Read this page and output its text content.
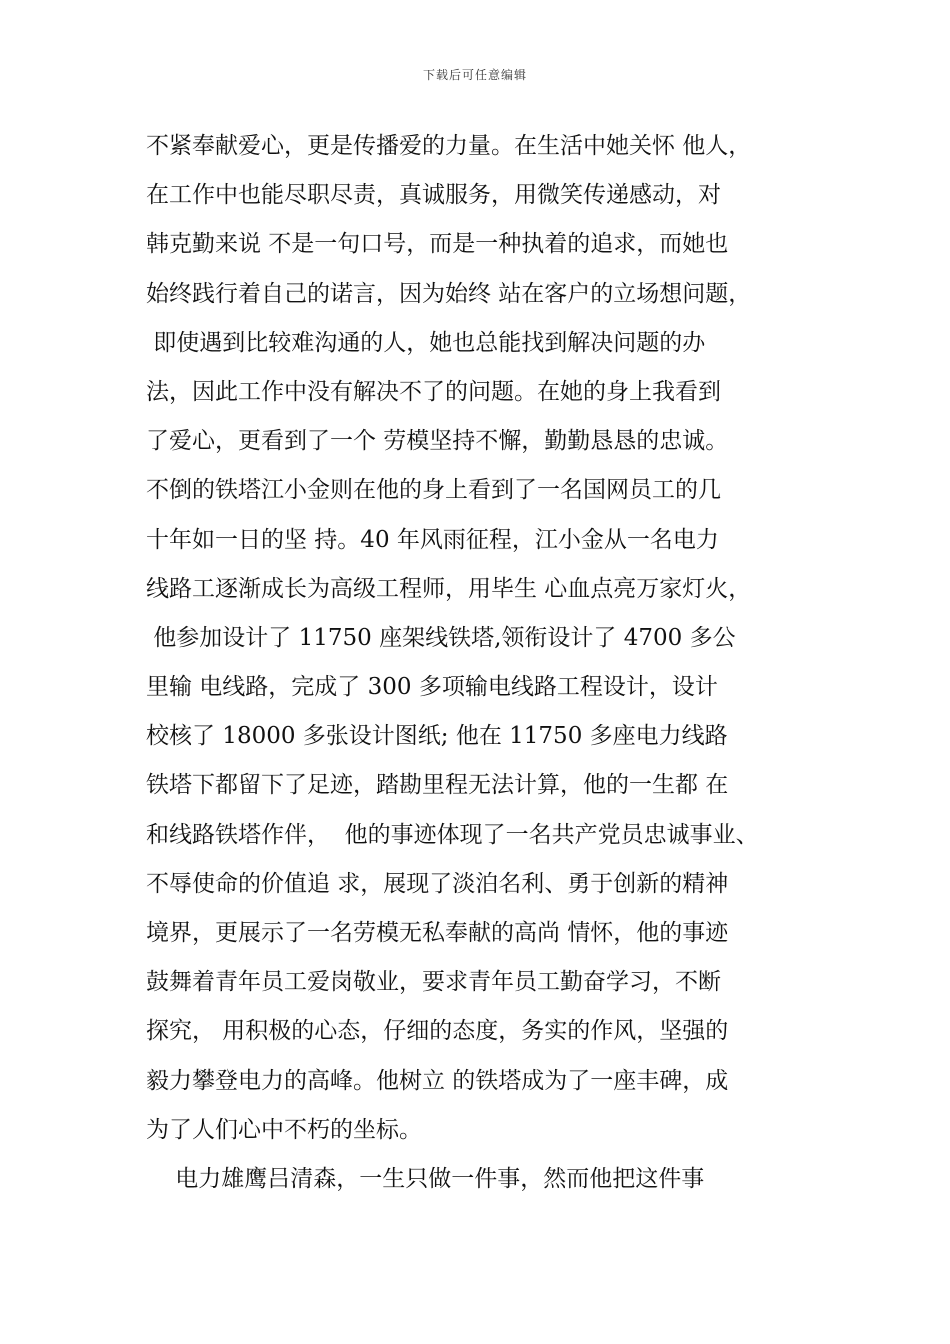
下载后可任意编辑
不紧奉献爱心，更是传播爱的力量。在生活中她关怀 他人，
在工作中也能尽职尽责，真诚服务，用微笑传递感动，对
韩克勤来说 不是一句口号，而是一种执着的追求，而她也
始终践行着自己的诺言，因为始终 站在客户的立场想问题，
即使遇到比较难沟通的人，她也总能找到解决问题的办
法，因此工作中没有解决不了的问题。在她的身上我看到
了爱心，更看到了一个 劳模坚持不懈，勤勤恳恳的忠诚。
不倒的铁塔江小金则在他的身上看到了一名国网员工的几
十年如一日的坚 持。40 年风雨征程，江小金从一名电力
线路工逐渐成长为高级工程师，用毕生 心血点亮万家灯火，
他参加设计了 11750 座架线铁塔,领衔设计了 4700 多公
里输 电线路，完成了 300 多项输电线路工程设计，设计
校核了 18000 多张设计图纸; 他在 11750 多座电力线路
铁塔下都留下了足迹，踏勘里程无法计算，他的一生都 在
和线路铁塔作伴，  他的事迹体现了一名共产党员忠诚事业、
不辱使命的价值追 求，展现了淡泊名利、勇于创新的精神
境界，更展示了一名劳模无私奉献的高尚 情怀，他的事迹
鼓舞着青年员工爱岗敬业，要求青年员工勤奋学习，不断
探究， 用积极的心态，仔细的态度，务实的作风，坚强的
毅力攀登电力的高峰。他树立 的铁塔成为了一座丰碑，成
为了人们心中不朽的坐标。
电力雄鹰吕清森，一生只做一件事，然而他把这件事
